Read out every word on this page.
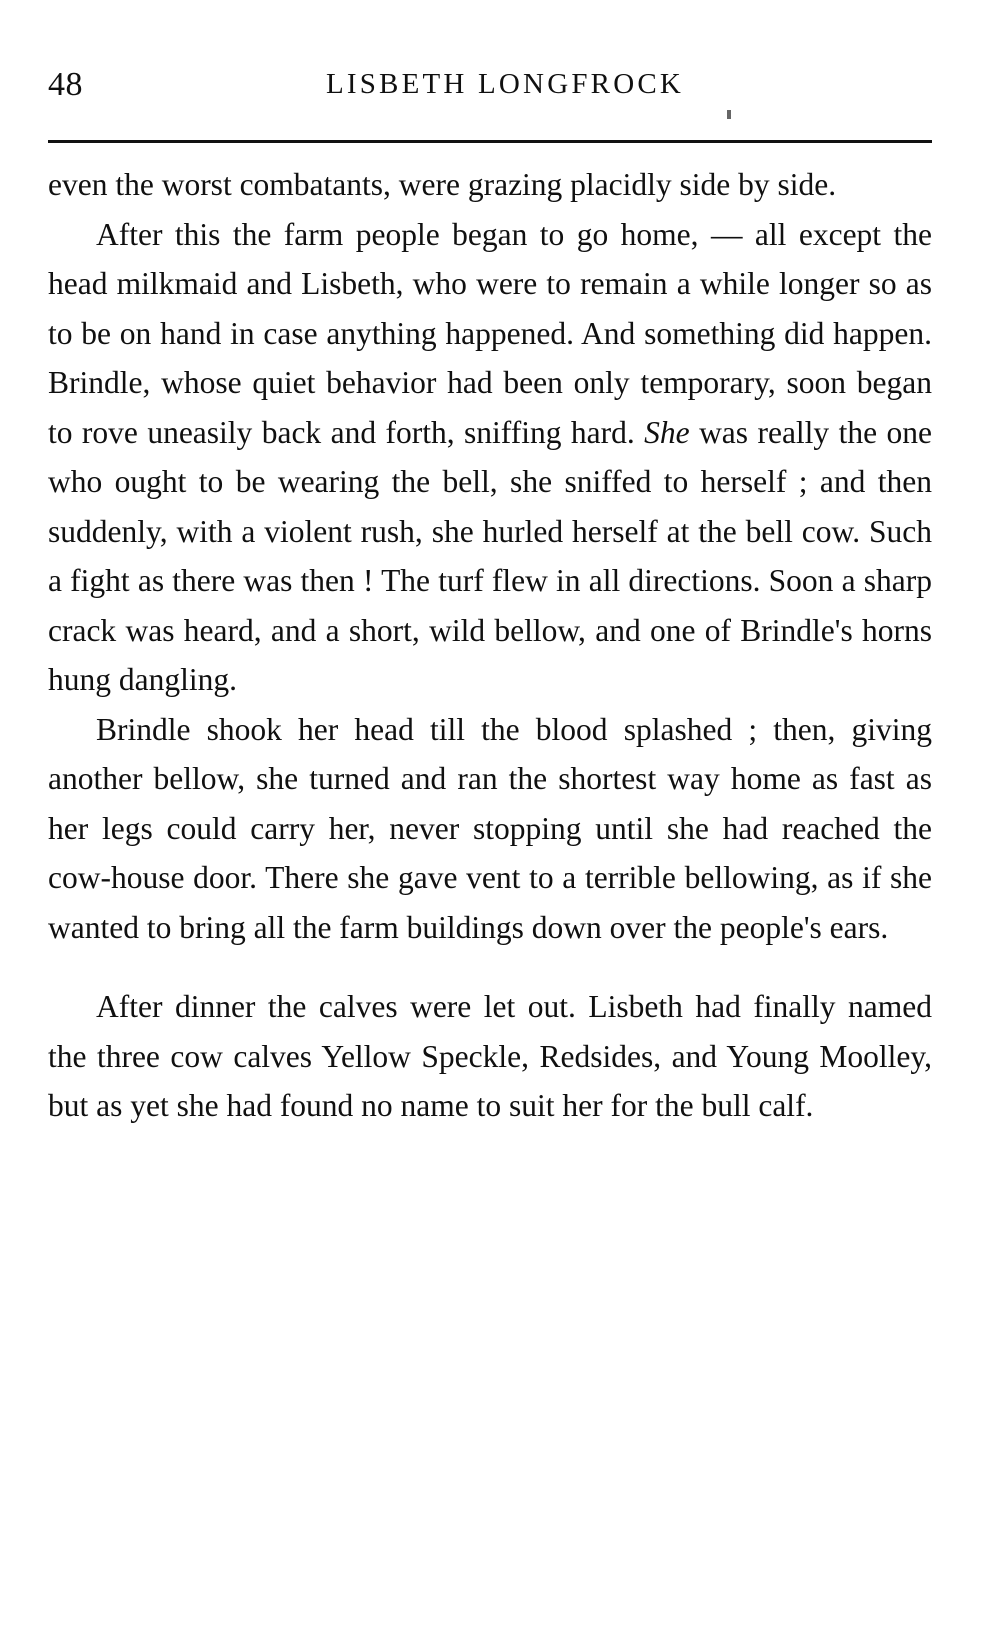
48	LISBETH LONGFROCK

even the worst combatants, were grazing placidly side by side.

After this the farm people began to go home, — all except the head milkmaid and Lisbeth, who were to remain a while longer so as to be on hand in case anything happened. And something did happen. Brindle, whose quiet behavior had been only temporary, soon began to rove uneasily back and forth, sniffing hard. She was really the one who ought to be wearing the bell, she sniffed to herself ; and then suddenly, with a violent rush, she hurled herself at the bell cow. Such a fight as there was then ! The turf flew in all directions. Soon a sharp crack was heard, and a short, wild bellow, and one of Brindle's horns hung dangling.

Brindle shook her head till the blood splashed ; then, giving another bellow, she turned and ran the shortest way home as fast as her legs could carry her, never stopping until she had reached the cow-house door. There she gave vent to a terrible bellowing, as if she wanted to bring all the farm buildings down over the people's ears.

After dinner the calves were let out. Lisbeth had finally named the three cow calves Yellow Speckle, Redsides, and Young Moolley, but as yet she had found no name to suit her for the bull calf.
